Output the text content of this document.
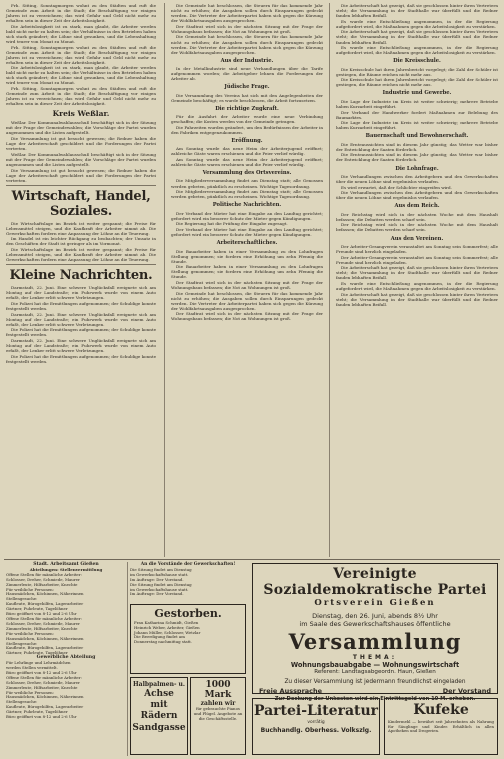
Frh. Sitting, Sonntagmorgen wohnt zu den Städten und ruft die Gemeinde zum Arbeit in die Stadt; die Beschäftigung vor einigen Jahren ist zu verzeichnen; das wird Gefahr und Geld nicht mehr zu erhalten sein in dieser Zeit der Arbeitslosigkeit.

Die Arbeitslosigkeit ist zu stark, man glaubt, die Arbeiter werden bald nicht mehr zu halten sein; die Verhältnisse in den Betrieben haben sich stark geändert; die Löhne sind gesunken, und die Lebenshaltung wird teurer von Monat zu Monat.

Frh. Sitting, Sonntagmorgen wohnt zu den Städten und ruft die Gemeinde zum Arbeit in die Stadt; die Beschäftigung vor einigen Jahren ist zu verzeichnen; das wird Gefahr und Geld nicht mehr zu erhalten sein in dieser Zeit der Arbeitslosigkeit.

Die Arbeitslosigkeit ist zu stark, man glaubt, die Arbeiter werden bald nicht mehr zu halten sein; die Verhältnisse in den Betrieben haben sich stark geändert; die Löhne sind gesunken, und die Lebenshaltung wird teurer von Monat zu Monat.

Frh. Sitting, Sonntagmorgen wohnt zu den Städten und ruft die Gemeinde zum Arbeit in die Stadt; die Beschäftigung vor einigen Jahren ist zu verzeichnen; das wird Gefahr und Geld nicht mehr zu erhalten sein in dieser Zeit der Arbeitslosigkeit.

Kreis Weßlar.

Weßlar. Der Kommunalwahlausschuß beschäftigt sich in der Sitzung mit der Frage der Gemeindewahlen; die Vorschläge der Partei wurden angenommen und die Listen aufgestellt.

Die Versammlung ist gut besucht gewesen; die Redner haben die Lage der Arbeiterschaft geschildert und die Forderungen der Partei vertreten.

Weßlar. Der Kommunalwahlausschuß beschäftigt sich in der Sitzung mit der Frage der Gemeindewahlen; die Vorschläge der Partei wurden angenommen und die Listen aufgestellt.

Die Versammlung ist gut besucht gewesen; die Redner haben die Lage der Arbeiterschaft geschildert und die Forderungen der Partei vertreten.

Wirtschaft, Handel, Soziales.

Die Wirtschaftslage im Bezirk ist weiter gespannt; die Preise für Lebensmittel steigen, und die Kaufkraft der Arbeiter nimmt ab. Die Gewerkschaften fordern eine Anpassung der Löhne an die Teuerung.

Im Handel ist ein leichter Rückgang zu beobachten; der Umsatz in den Geschäften der Stadt ist geringer als im Vormonat.

Die Wirtschaftslage im Bezirk ist weiter gespannt; die Preise für Lebensmittel steigen, und die Kaufkraft der Arbeiter nimmt ab. Die Gewerkschaften fordern eine Anpassung der Löhne an die Teuerung.

Kleine Nachrichten.

Darmstadt, 22. Juni. Eine schwere Unglücksfall ereignete sich am Montag auf der Landstraße; ein Fuhrwerk wurde von einem Auto erfaßt, der Lenker erlitt schwere Verletzungen.

Die Polizei hat die Ermittlungen aufgenommen; der Schuldige konnte festgestellt werden.

Darmstadt, 22. Juni. Eine schwere Unglücksfall ereignete sich am Montag auf der Landstraße; ein Fuhrwerk wurde von einem Auto erfaßt, der Lenker erlitt schwere Verletzungen.

Die Polizei hat die Ermittlungen aufgenommen; der Schuldige konnte festgestellt werden.

Darmstadt, 22. Juni. Eine schwere Unglücksfall ereignete sich am Montag auf der Landstraße; ein Fuhrwerk wurde von einem Auto erfaßt, der Lenker erlitt schwere Verletzungen.

Die Polizei hat die Ermittlungen aufgenommen; der Schuldige konnte festgestellt werden.

Die Gemeinde hat beschlossen, die Steuern für das kommende Jahr nicht zu erhöhen; die Ausgaben sollen durch Einsparungen gedeckt werden. Die Vertreter der Arbeiterpartei haben sich gegen die Kürzung der Wohlfahrtsausgaben ausgesprochen.

Der Stadtrat wird sich in der nächsten Sitzung mit der Frage der Wohnungsbaus befassen; die Not an Wohnungen ist groß.

Die Gemeinde hat beschlossen, die Steuern für das kommende Jahr nicht zu erhöhen; die Ausgaben sollen durch Einsparungen gedeckt werden. Die Vertreter der Arbeiterpartei haben sich gegen die Kürzung der Wohlfahrtsausgaben ausgesprochen.

Aus der Industrie.

In der Metallindustrie sind neue Verhandlungen über die Tarife aufgenommen worden; die Arbeitgeber lehnen die Forderungen der Arbeiter ab.

Jüdische Frage.

Die Versammlung des Vereins hat sich mit den Angelegenheiten der Gemeinde beschäftigt; es wurde beschlossen, die Arbeit fortzusetzen.

Die richtige Zugkraft.

Für die Ausfahrt der Arbeiter wurde eine neue Verbindung geschaffen; die Kosten werden von der Gemeinde getragen.

Die Fahrzeiten wurden geändert, um den Bedürfnissen der Arbeiter in den Fabriken entgegenzukommen.

Eröffnung.

Am Sonntag wurde das neue Heim der Arbeiterjugend eröffnet; zahlreiche Gäste waren erschienen und die Feier verlief würdig.

Am Sonntag wurde das neue Heim der Arbeiterjugend eröffnet; zahlreiche Gäste waren erschienen und die Feier verlief würdig.

Versammlung des Ortsvereins.

Die Mitgliederversammlung findet am Dienstag statt; alle Genossen werden gebeten, pünktlich zu erscheinen. Wichtige Tagesordnung.

Die Mitgliederversammlung findet am Dienstag statt; alle Genossen werden gebeten, pünktlich zu erscheinen. Wichtige Tagesordnung.

Politische Nachrichten.

Der Verband der Mieter hat eine Eingabe an den Landtag gerichtet; gefordert wird ein besserer Schutz der Mieter gegen Kündigungen.

Die Regierung hat die Prüfung der Eingabe zugesagt.

Der Verband der Mieter hat eine Eingabe an den Landtag gerichtet; gefordert wird ein besserer Schutz der Mieter gegen Kündigungen.

Arbeiterschaftliches.

Die Bauarbeiter haben in einer Versammlung zu den Lohnfragen Stellung genommen; sie fordern eine Erhöhung um zehn Pfennig die Stunde.

Die Bauarbeiter haben in einer Versammlung zu den Lohnfragen Stellung genommen; sie fordern eine Erhöhung um zehn Pfennig die Stunde.

Der Stadtrat wird sich in der nächsten Sitzung mit der Frage der Wohnungsbaus befassen; die Not an Wohnungen ist groß.

Die Gemeinde hat beschlossen, die Steuern für das kommende Jahr nicht zu erhöhen; die Ausgaben sollen durch Einsparungen gedeckt werden. Die Vertreter der Arbeiterpartei haben sich gegen die Kürzung der Wohlfahrtsausgaben ausgesprochen.

Der Stadtrat wird sich in der nächsten Sitzung mit der Frage der Wohnungsbaus befassen; die Not an Wohnungen ist groß.

Die Arbeiterschaft hat gezeigt, daß sie geschlossen hinter ihren Vertretern steht; die Versammlung in der Stadthalle war überfüllt und die Redner fanden lebhaften Beifall.

Es wurde eine Entschließung angenommen, in der die Regierung aufgefordert wird, die Maßnahmen gegen die Arbeitslosigkeit zu verstärken.

Die Arbeiterschaft hat gezeigt, daß sie geschlossen hinter ihren Vertretern steht; die Versammlung in der Stadthalle war überfüllt und die Redner fanden lebhaften Beifall.

Es wurde eine Entschließung angenommen, in der die Regierung aufgefordert wird, die Maßnahmen gegen die Arbeitslosigkeit zu verstärken.

Die Kreisschule.

Die Kreisschule hat ihren Jahresbericht vorgelegt; die Zahl der Schüler ist gestiegen, die Räume reichen nicht mehr aus.

Die Kreisschule hat ihren Jahresbericht vorgelegt; die Zahl der Schüler ist gestiegen, die Räume reichen nicht mehr aus.

Industrie und Gewerbe.

Die Lage der Industrie im Kreis ist weiter schwierig; mehrere Betriebe haben Kurzarbeit eingeführt.

Der Verband der Handwerker fordert Maßnahmen zur Belebung des Baumarktes.

Die Lage der Industrie im Kreis ist weiter schwierig; mehrere Betriebe haben Kurzarbeit eingeführt.

Bauernschaft und Bewohnerschaft.

Die Ernteaussichten sind in diesem Jahr günstig; das Wetter war bisher der Entwicklung der Saaten förderlich.

Die Ernteaussichten sind in diesem Jahr günstig; das Wetter war bisher der Entwicklung der Saaten förderlich.

Die Lohnfrage.

Die Verhandlungen zwischen den Arbeitgebern und den Gewerkschaften über die neuen Löhne sind ergebnislos verlaufen.

Es wird erwartet, daß der Schlichter eingreifen wird.

Die Verhandlungen zwischen den Arbeitgebern und den Gewerkschaften über die neuen Löhne sind ergebnislos verlaufen.

Aus dem Reich.

Der Reichstag wird sich in der nächsten Woche mit dem Haushalt befassen; die Debatten werden scharf sein.

Der Reichstag wird sich in der nächsten Woche mit dem Haushalt befassen; die Debatten werden scharf sein.

Aus den Vereinen.

Der Arbeiter-Gesangverein veranstaltet am Sonntag sein Sommerfest; alle Freunde sind herzlich eingeladen.

Der Arbeiter-Gesangverein veranstaltet am Sonntag sein Sommerfest; alle Freunde sind herzlich eingeladen.

Die Arbeiterschaft hat gezeigt, daß sie geschlossen hinter ihren Vertretern steht; die Versammlung in der Stadthalle war überfüllt und die Redner fanden lebhaften Beifall.

Es wurde eine Entschließung angenommen, in der die Regierung aufgefordert wird, die Maßnahmen gegen die Arbeitslosigkeit zu verstärken.

Die Arbeiterschaft hat gezeigt, daß sie geschlossen hinter ihren Vertretern steht; die Versammlung in der Stadthalle war überfüllt und die Redner fanden lebhaften Beifall.

Stadt. Arbeitsamt Gießen
Abteilungen: Stellenvermittlung
Offene Stellen für männliche Arbeiter:
Schlosser, Dreher, Schmiede, Maurer
Zimmerleute, Hilfsarbeiter, Knechte
Für weibliche Personen:
Hausmädchen, Köchinnen, Näherinnen
Stellengesuche:
Kaufleute, Bürogehilfen, Lagerarbeiter
Gärtner, Fuhrleute, Tagelöhner
Büro geöffnet von 8-12 und 2-6 Uhr
Offene Stellen für männliche Arbeiter:
Schlosser, Dreher, Schmiede, Maurer
Zimmerleute, Hilfsarbeiter, Knechte
Für weibliche Personen:
Hausmädchen, Köchinnen, Näherinnen
Stellengesuche:
Kaufleute, Bürogehilfen, Lagerarbeiter
Gärtner, Fuhrleute, Tagelöhner
Gewerbliche Abteilung
Für Lehrlinge und Lehrmädchen
werden Stellen vermittelt.
Büro geöffnet von 8-12 und 2-6 Uhr
Offene Stellen für männliche Arbeiter:
Schlosser, Dreher, Schmiede, Maurer
Zimmerleute, Hilfsarbeiter, Knechte
Für weibliche Personen:
Hausmädchen, Köchinnen, Näherinnen
Stellengesuche:
Kaufleute, Bürogehilfen, Lagerarbeiter
Gärtner, Fuhrleute, Tagelöhner
Büro geöffnet von 8-12 und 2-6 Uhr
An die Vorstände der Gewerkschaften!
Die Sitzung findet am Dienstag
im Gewerkschaftshause statt.
Im Auftrage: Der Vorstand.
Die Sitzung findet am Dienstag
im Gewerkschaftshause statt.
Im Auftrage: Der Vorstand.
Gestorben.
Frau Katharina Schmidt, Gießen
Heinrich Weber, Arbeiter, Gießen
Johann Müller, Schlosser, Wetzlar
Die Beerdigung findet am
Donnerstag nachmittag statt.
Halbpalmen- u.
Achse
mit Rädern
Sandgasse
1000
Mark
zahlen wir
für gebrauchte Pianos und Flügel. Angebote an die Geschäftsstelle.
Vereinigte Sozialdemokratische Partei
Ortsverein Gießen
Dienstag, den 26. Juni, abends 8½ Uhr
im Saale des Gewerkschaftshauses öffentliche
Versammlung
THEMA:
Wohnungsbauabgabe — Wohnungswirtschaft
Referent: Landtagsabgeordn. Haun, Gießen
Zu dieser Versammlung ist jedermann freundlichst eingeladen
Freie Aussprache	Der Vorstand
Zur Deckung der Unkosten wird ein Eintrittsgeld von 10 M. erhoben.
Partei-Literatur
vorrätig
Buchhandlg. Oberhess. Volkszlg.
Kufeke
Kindermehl — bewährt seit Jahrzehnten als Nahrung für Säuglinge und Kinder. Erhältlich in allen Apotheken und Drogerien.
